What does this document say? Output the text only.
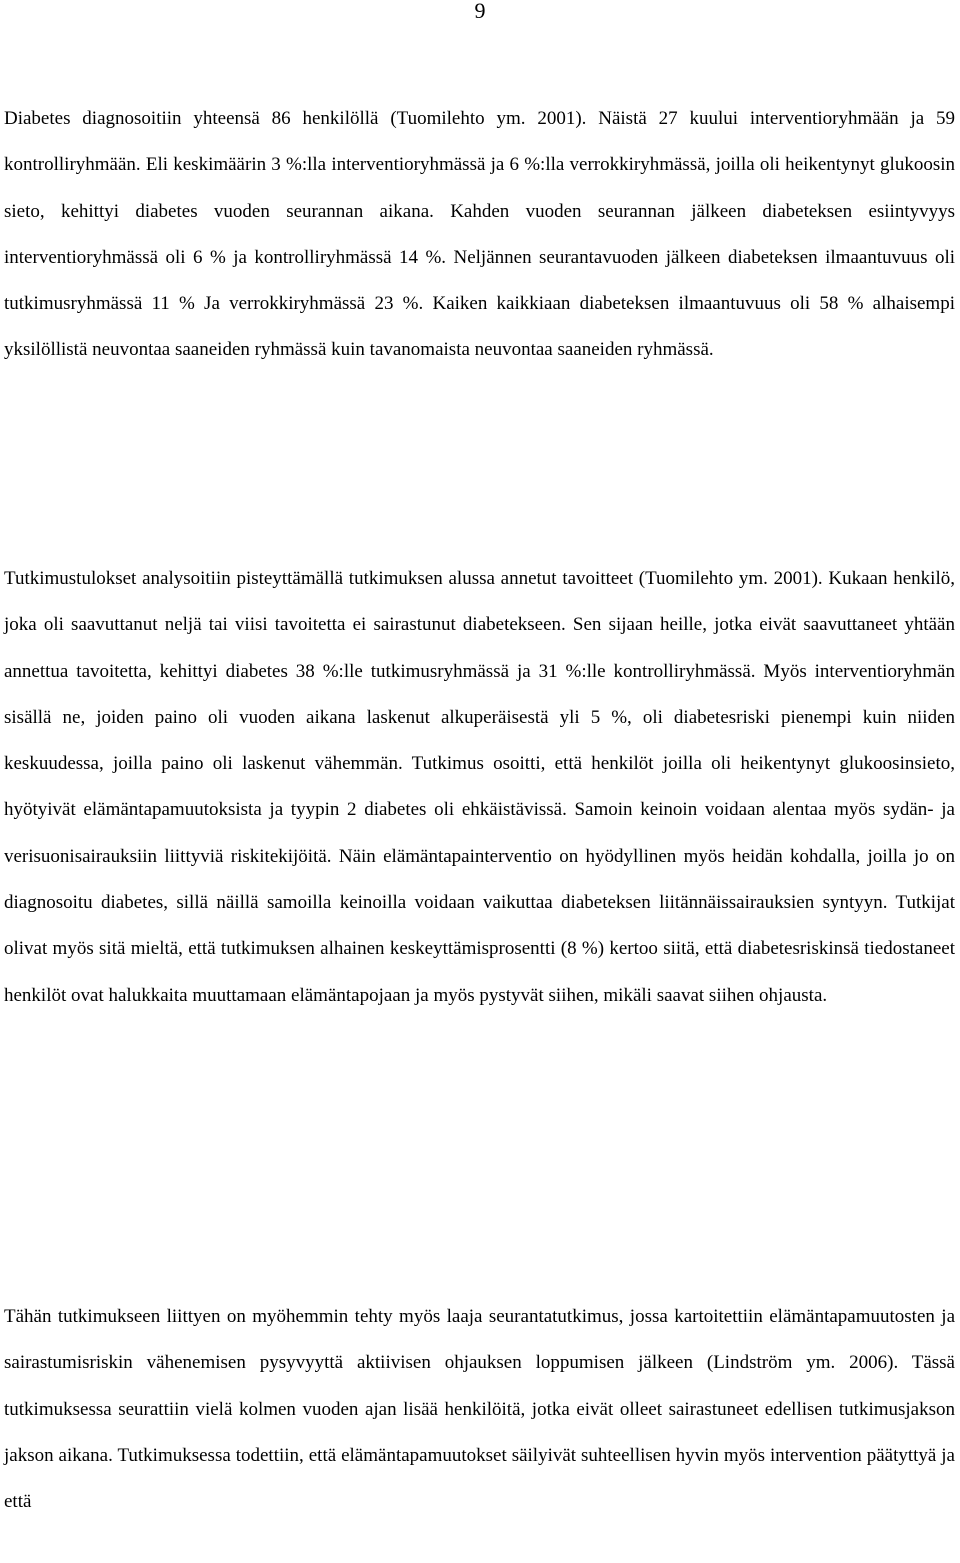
9

Diabetes diagnosoitiin yhteensä 86 henkilöllä (Tuomilehto ym. 2001). Näistä 27 kuului interventioryhmään ja 59 kontrolliryhmään. Eli keskimäärin 3 %:lla interventioryhmässä ja 6 %:lla verrokkiryhmässä, joilla oli heikentynyt glukoosin sieto, kehittyi diabetes vuoden seurannan aikana. Kahden vuoden seurannan jälkeen diabeteksen esiintyvyys interventioryhmässä oli 6 % ja kontrolliryhmässä 14 %. Neljännen seurantavuoden jälkeen diabeteksen ilmaantuvuus oli tutkimusryhmässä 11 % Ja verrokkiryhmässä 23 %. Kaiken kaikkiaan diabeteksen ilmaantuvuus oli 58 % alhaisempi yksilöllistä neuvontaa saaneiden ryhmässä kuin tavanomaista neuvontaa saaneiden ryhmässä.

Tutkimustulokset analysoitiin pisteyttämällä tutkimuksen alussa annetut tavoitteet (Tuomilehto ym. 2001). Kukaan henkilö, joka oli saavuttanut neljä tai viisi tavoitetta ei sairastunut diabetekseen. Sen sijaan heille, jotka eivät saavuttaneet yhtään annettua tavoitetta, kehittyi diabetes 38 %:lle tutkimusryhmässä ja 31 %:lle kontrolliryhmässä. Myös interventioryhmän sisällä ne, joiden paino oli vuoden aikana laskenut alkuperäisestä yli 5 %, oli diabetesriski pienempi kuin niiden keskuudessa, joilla paino oli laskenut vähemmän. Tutkimus osoitti, että henkilöt joilla oli heikentynyt glukoosinsieto, hyötyivät elämäntapamuutoksista ja tyypin 2 diabetes oli ehkäistävissä. Samoin keinoin voidaan alentaa myös sydän- ja verisuonisairauksiin liittyviä riskitekijöitä. Näin elämäntapainterventio on hyödyllinen myös heidän kohdalla, joilla jo on diagnosoitu diabetes, sillä näillä samoilla keinoilla voidaan vaikuttaa diabeteksen liitännäissairauksien syntyyn. Tutkijat olivat myös sitä mieltä, että tutkimuksen alhainen keskeyttämisprosentti (8 %) kertoo siitä, että diabetesriskinsä tiedostaneet henkilöt ovat halukkaita muuttamaan elämäntapojaan ja myös pystyvät siihen, mikäli saavat siihen ohjausta.

Tähän tutkimukseen liittyen on myöhemmin tehty myös laaja seurantatutkimus, jossa kartoitettiin elämäntapamuutosten ja sairastumisriskin vähenemisen pysyvyyttä aktiivisen ohjauksen loppumisen jälkeen (Lindström ym. 2006). Tässä tutkimuksessa seurattiin vielä kolmen vuoden ajan lisää henkilöitä, jotka eivät olleet sairastuneet edellisen tutkimusjakson jakson aikana. Tutkimuksessa todettiin, että elämäntapamuutokset säilyivät suhteellisen hyvin myös intervention päätyttyä ja että
